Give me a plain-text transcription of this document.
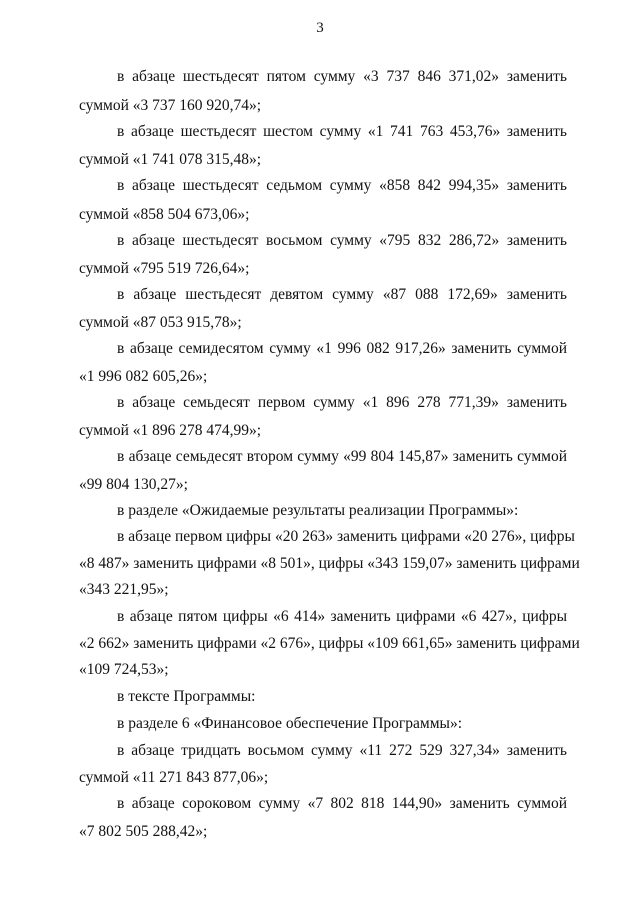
3
в абзаце шестьдесят пятом сумму «3 737 846 371,02» заменить
суммой «3 737 160 920,74»;
в абзаце шестьдесят шестом сумму «1 741 763 453,76» заменить
суммой «1 741 078 315,48»;
в абзаце шестьдесят седьмом сумму «858 842 994,35» заменить
суммой «858 504 673,06»;
в абзаце шестьдесят восьмом сумму «795 832 286,72» заменить
суммой «795 519 726,64»;
в абзаце шестьдесят девятом сумму «87 088 172,69» заменить
суммой «87 053 915,78»;
в абзаце семидесятом сумму «1 996 082 917,26» заменить суммой
«1 996 082 605,26»;
в абзаце семьдесят первом сумму «1 896 278 771,39» заменить
суммой «1 896 278 474,99»;
в абзаце семьдесят втором сумму «99 804 145,87» заменить суммой
«99 804 130,27»;
в разделе «Ожидаемые результаты реализации Программы»:
в абзаце первом цифры «20 263» заменить цифрами «20 276», цифры
«8 487» заменить цифрами «8 501», цифры «343 159,07» заменить цифрами
«343 221,95»;
в абзаце пятом цифры «6 414» заменить цифрами «6 427», цифры
«2 662» заменить цифрами «2 676», цифры «109 661,65» заменить цифрами
«109 724,53»;
в тексте Программы:
в разделе 6 «Финансовое обеспечение Программы»:
в абзаце тридцать восьмом сумму «11 272 529 327,34» заменить
суммой «11 271 843 877,06»;
в абзаце сороковом сумму «7 802 818 144,90» заменить суммой
«7 802 505 288,42»;
